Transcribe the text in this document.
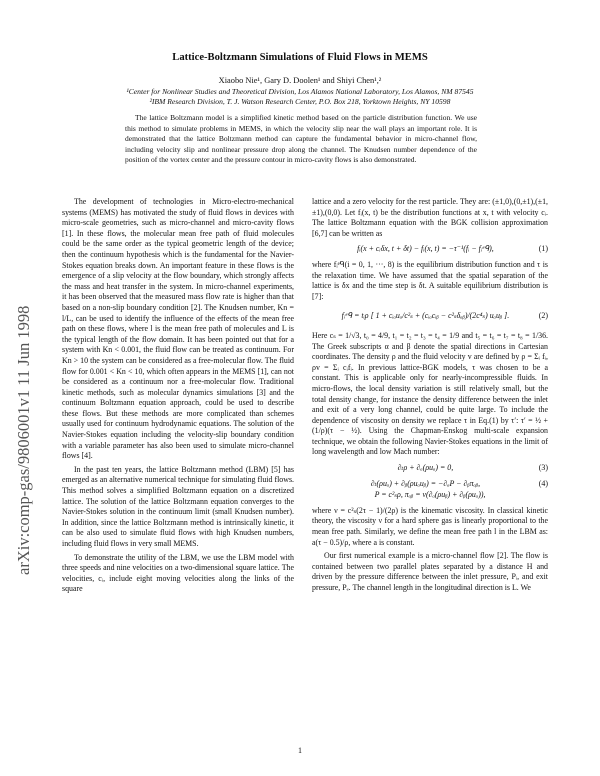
arXiv:comp-gas/9806001v1 11 Jun 1998
Lattice-Boltzmann Simulations of Fluid Flows in MEMS
Xiaobo Nie¹, Gary D. Doolen¹ and Shiyi Chen¹,²
¹Center for Nonlinear Studies and Theoretical Division, Los Alamos National Laboratory, Los Alamos, NM 87545
²IBM Research Division, T. J. Watson Research Center, P.O. Box 218, Yorktown Heights, NY 10598
The lattice Boltzmann model is a simplified kinetic method based on the particle distribution function. We use this method to simulate problems in MEMS, in which the velocity slip near the wall plays an important role. It is demonstrated that the lattice Boltzmann method can capture the fundamental behavior in micro-channel flow, including velocity slip and nonlinear pressure drop along the channel. The Knudsen number dependence of the position of the vortex center and the pressure contour in micro-cavity flows is also demonstrated.

The development of technologies in Micro-electro-mechanical systems (MEMS) has motivated the study of fluid flows in devices with micro-scale geometries, such as micro-channel and micro-cavity flows [1]. In these flows, the molecular mean free path of fluid molecules could be the same order as the typical geometric length of the device; then the continuum hypothesis which is the fundamental for the Navier-Stokes equation breaks down. An important feature in these flows is the emergence of a slip velocity at the flow boundary, which strongly affects the mass and heat transfer in the system. In micro-channel experiments, it has been observed that the measured mass flow rate is higher than that based on a non-slip boundary condition [2]. The Knudsen number, Kn = l/L, can be used to identify the influence of the effects of the mean free path on these flows, where l is the mean free path of molecules and L is the typical length of the flow domain. It has been pointed out that for a system with Kn < 0.001, the fluid flow can be treated as continuum. For Kn > 10 the system can be considered as a free-molecular flow. The fluid flow for 0.001 < Kn < 10, which often appears in the MEMS [1], can not be considered as a continuum nor a free-molecular flow. Traditional kinetic methods, such as molecular dynamics simulations [3] and the continuum Boltzmann equation approach, could be used to describe these flows. But these methods are more complicated than schemes usually used for continuum hydrodynamic equations. The solution of the Navier-Stokes equation including the velocity-slip boundary condition with a variable parameter has also been used to simulate micro-channel flows [4].

In the past ten years, the lattice Boltzmann method (LBM) [5] has emerged as an alternative numerical technique for simulating fluid flows. This method solves a simplified Boltzmann equation on a discretized lattice. The solution of the lattice Boltzmann equation converges to the Navier-Stokes solution in the continuum limit (small Knudsen number). In addition, since the lattice Boltzmann method is intrinsically kinetic, it can be also used to simulate fluid flows with high Knudsen numbers, including fluid flows in very small MEMS.

To demonstrate the utility of the LBM, we use the LBM model with three speeds and nine velocities on a two-dimensional square lattice. The velocities, cᵢ, include eight moving velocities along the links of the square

lattice and a zero velocity for the rest particle. They are: (±1,0),(0,±1),(±1,±1),(0,0). Let fᵢ(x, t) be the distribution functions at x, t with velocity cᵢ. The lattice Boltzmann equation with the BGK collision approximation [6,7] can be written as

fᵢ(x + cᵢδx, t + δt) − fᵢ(x, t) = −τ⁻¹(fᵢ − fᵢᵉᑫ),	(1)

where fᵢᵉᑫ(i = 0, 1, ···, 8) is the equilibrium distribution function and τ is the relaxation time. We have assumed that the spatial separation of the lattice is δx and the time step is δt. A suitable equilibrium distribution is [7]:

fᵢᵉᑫ = tᵢρ [ 1 + cᵢₐuₐ/c²ₛ + (cᵢₐcᵢᵦ − c²ₛδₐᵦ)/(2c⁴ₛ) uₐuᵦ ].	(2)

Here cₛ = 1/√3, t₀ = 4/9, t₁ = t₂ = t₃ = t₄ = 1/9 and t₅ = t₆ = t₇ = t₈ = 1/36. The Greek subscripts α and β denote the spatial directions in Cartesian coordinates. The density ρ and the fluid velocity v are defined by ρ = Σᵢ fᵢ, ρv = Σᵢ cᵢfᵢ. In previous lattice-BGK models, τ was chosen to be a constant. This is applicable only for nearly-incompressible fluids. In micro-flows, the local density variation is still relatively small, but the total density change, for instance the density difference between the inlet and exit of a very long channel, could be quite large. To include the dependence of viscosity on density we replace τ in Eq.(1) by τ′: τ′ = ½ + (1/ρ)(τ − ½). Using the Chapman-Enskog multi-scale expansion technique, we obtain the following Navier-Stokes equations in the limit of long wavelength and low Mach number:

∂ₜρ + ∂ₐ(ρuₐ) = 0,	(3)
∂ₜ(ρuₐ) + ∂ᵦ(ρuₐuᵦ) = −∂ₐP − ∂ᵦπₐᵦ,	(4)
P = c²ₛρ, πₐᵦ = ν(∂ₐ(ρuᵦ) + ∂ᵦ(ρuₐ)),

where ν = c²ₛ(2τ − 1)/(2ρ) is the kinematic viscosity. In classical kinetic theory, the viscosity ν for a hard sphere gas is linearly proportional to the mean free path. Similarly, we define the mean free path l in the LBM as: a(τ − 0.5)/ρ, where a is constant.

Our first numerical example is a micro-channel flow [2]. The flow is contained between two parallel plates separated by a distance H and driven by the pressure difference between the inlet pressure, Pᵢ, and exit pressure, Pₑ. The channel length in the longitudinal direction is L. We

1
